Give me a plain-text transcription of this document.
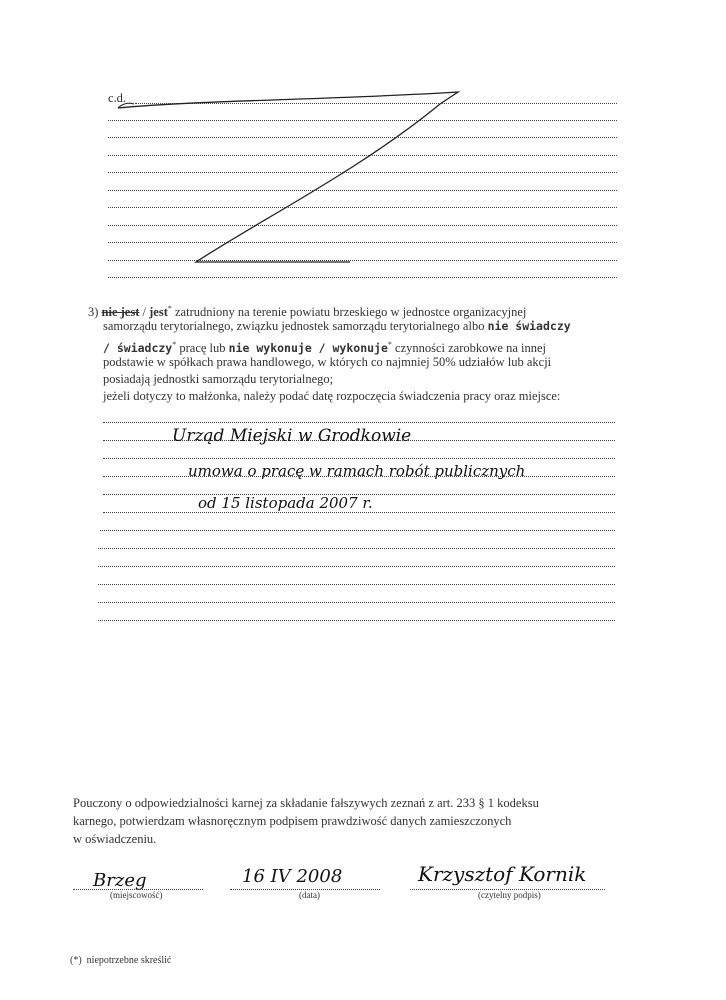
c.d.
3) nie jest / jest* zatrudniony na terenie powiatu brzeskiego w jednostce organizacyjnej
samorządu terytorialnego, związku jednostek samorządu terytorialnego albo nie świadczy
/ świadczy* pracę lub nie wykonuje / wykonuje* czynności zarobkowe na innej
podstawie w spółkach prawa handlowego, w których co najmniej 50% udziałów lub akcji
posiadają jednostki samorządu terytorialnego;
jeżeli dotyczy to małżonka, należy podać datę rozpoczęcia świadczenia pracy oraz miejsce:
Urząd Miejski w Grodkowie
umowa o pracę w ramach robót publicznych
od 15 listopada 2007 r.
Pouczony o odpowiedzialności karnej za składanie fałszywych zeznań z art. 233 § 1 kodeksu
karnego, potwierdzam własnoręcznym podpisem prawdziwość danych zamieszczonych
w oświadczeniu.
Brzeg
(miejscowość)
16 IV 2008
(data)
Krzysztof Kornik
(czytelny podpis)
(*) niepotrzebne skreślić
